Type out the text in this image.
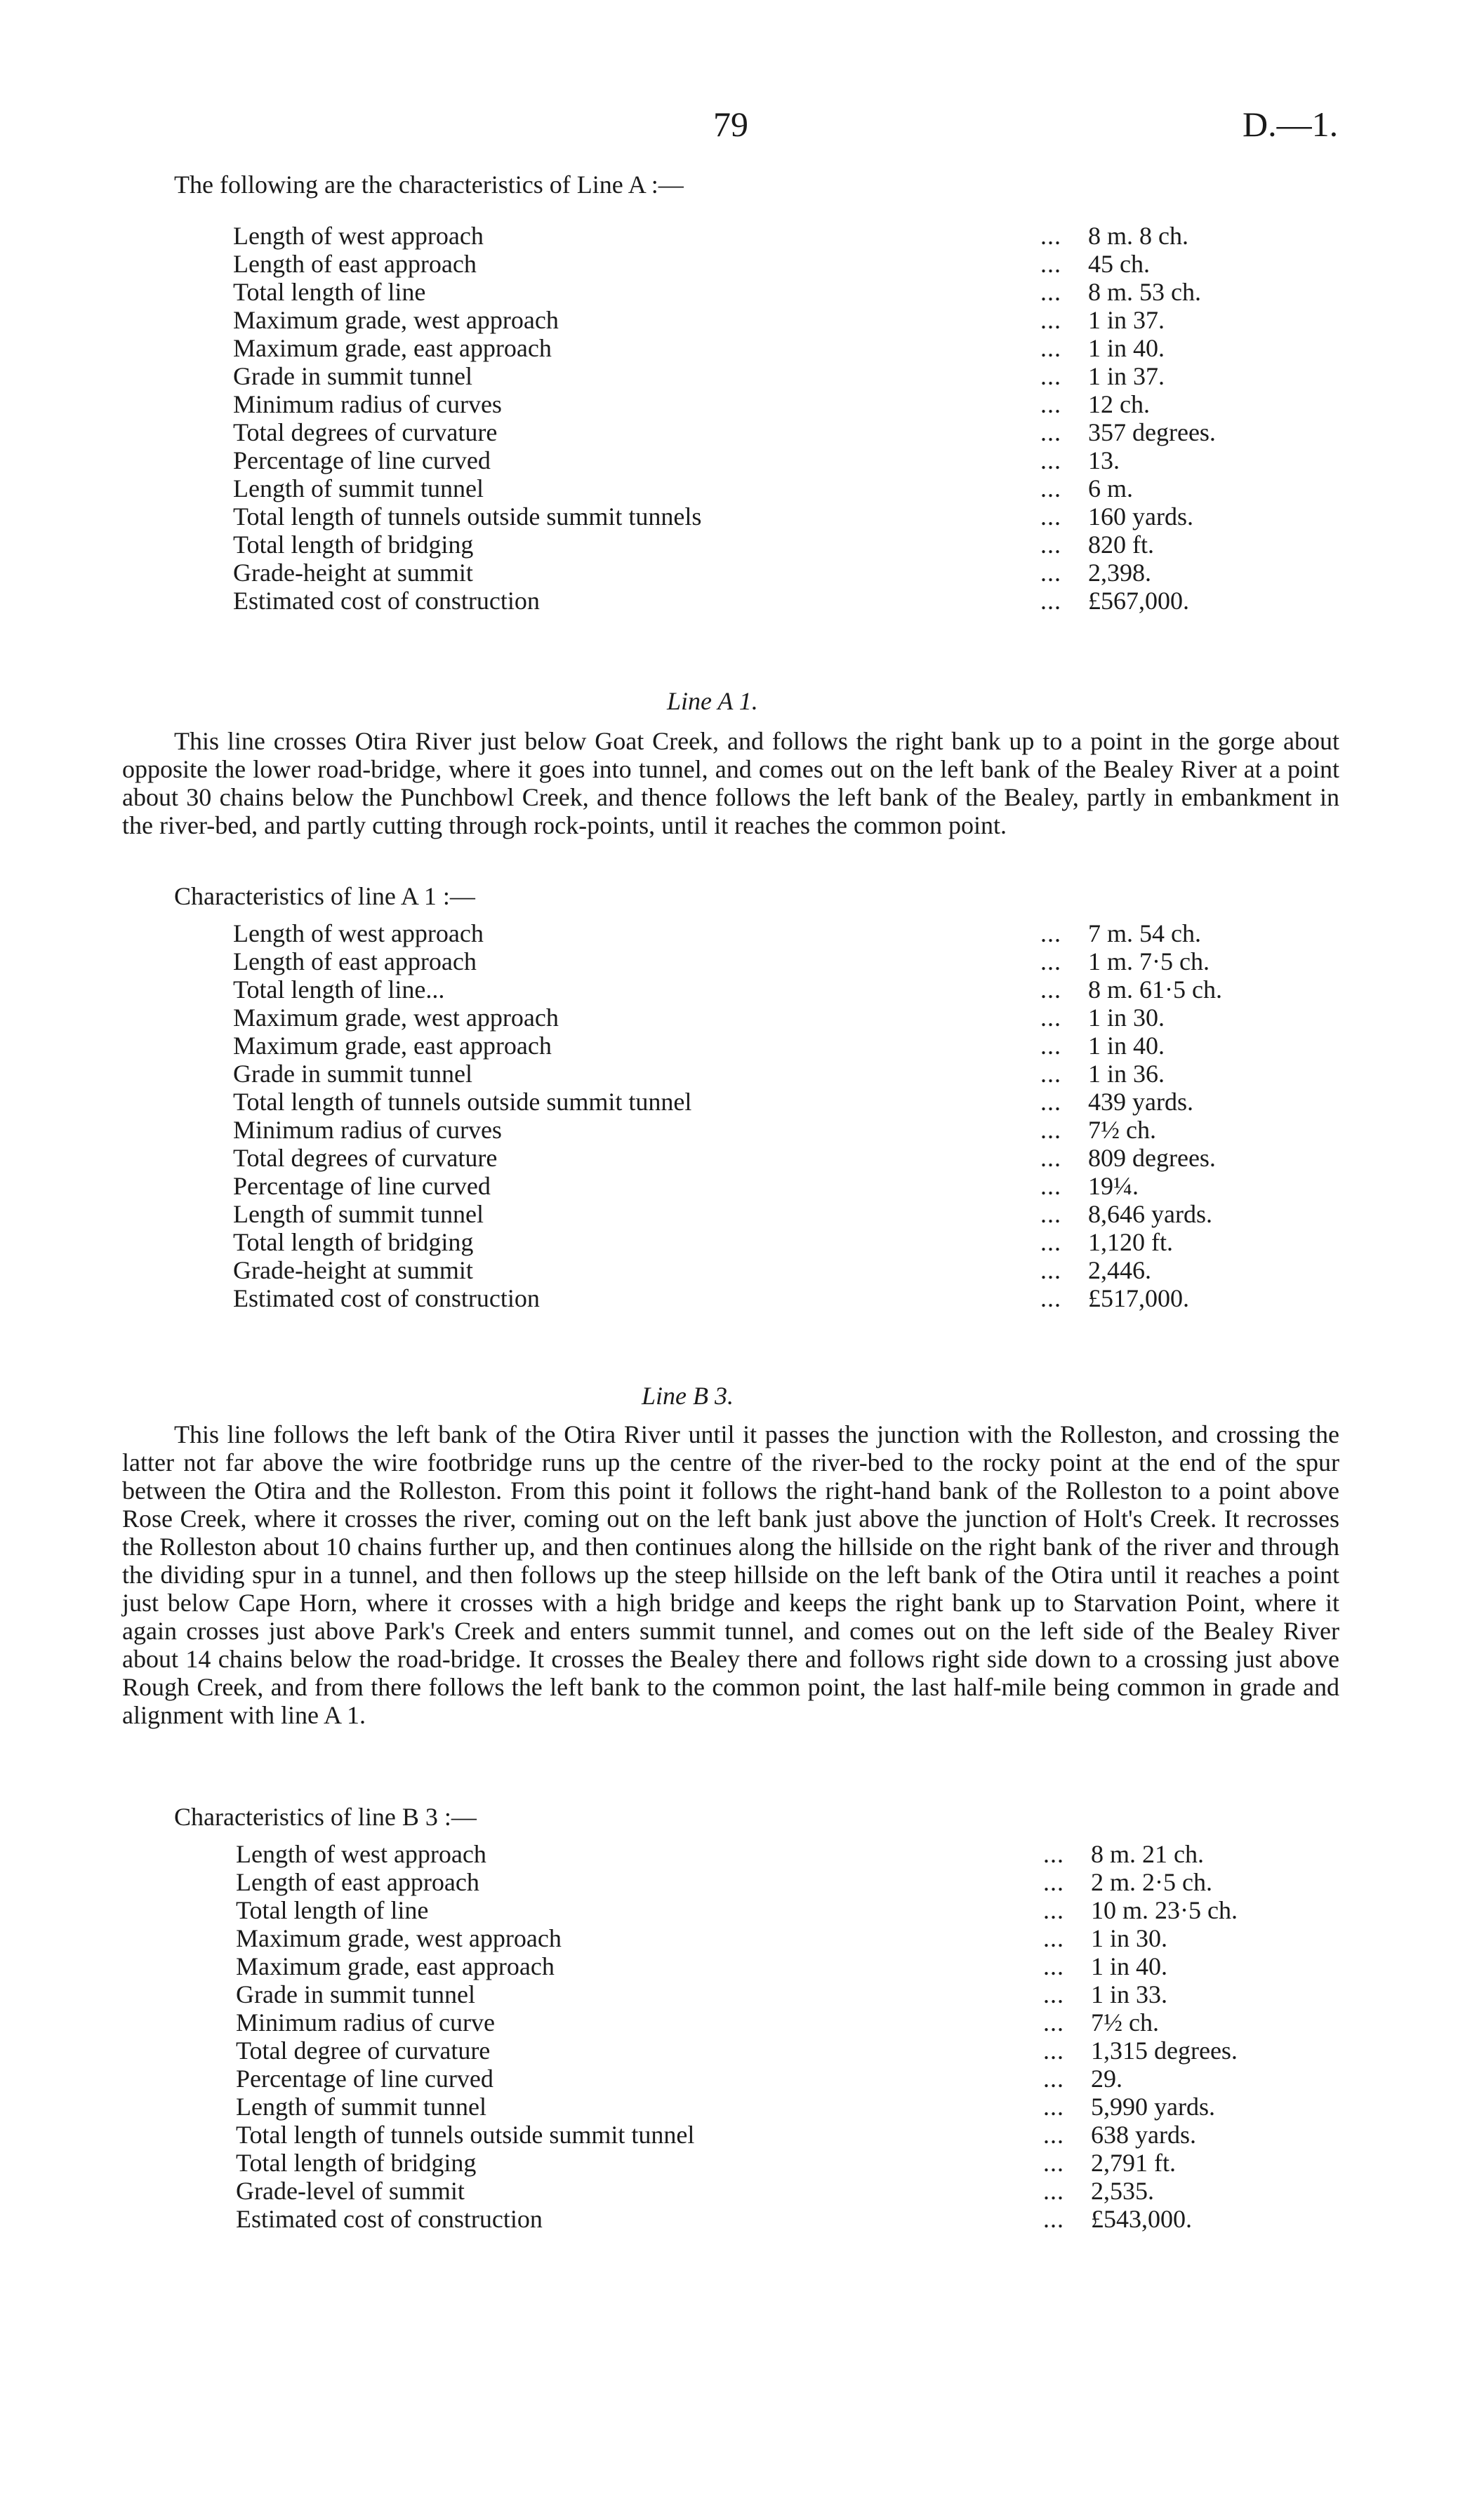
79	D.—1.
The following are the characteristics of Line A :—
Length of west approach	... 8 m. 8 ch.
Length of east approach	... 45 ch.
Total length of line	... 8 m. 53 ch.
Maximum grade, west approach	... 1 in 37.
Maximum grade, east approach	... 1 in 40.
Grade in summit tunnel	... 1 in 37.
Minimum radius of curves	... 12 ch.
Total degrees of curvature	... 357 degrees.
Percentage of line curved	... 13.
Length of summit tunnel	... 6 m.
Total length of tunnels outside summit tunnels	... 160 yards.
Total length of bridging	... 820 ft.
Grade-height at summit	... 2,398.
Estimated cost of construction	... £567,000.
Line A 1.

This line crosses Otira River just below Goat Creek, and follows the right bank up to a point in the gorge about opposite the lower road-bridge, where it goes into tunnel, and comes out on the left bank of the Bealey River at a point about 30 chains below the Punchbowl Creek, and thence follows the left bank of the Bealey, partly in embankment in the river-bed, and partly cutting through rock-points, until it reaches the common point.

Characteristics of line A 1 :—
Length of west approach	... 7 m. 54 ch.
Length of east approach	... 1 m. 7·5 ch.
Total length of line...	... 8 m. 61·5 ch.
Maximum grade, west approach	... 1 in 30.
Maximum grade, east approach	... 1 in 40.
Grade in summit tunnel	... 1 in 36.
Total length of tunnels outside summit tunnel	... 439 yards.
Minimum radius of curves	... 7½ ch.
Total degrees of curvature	... 809 degrees.
Percentage of line curved	... 19¼.
Length of summit tunnel	... 8,646 yards.
Total length of bridging	... 1,120 ft.
Grade-height at summit	... 2,446.
Estimated cost of construction	... £517,000.
Line B 3.

This line follows the left bank of the Otira River until it passes the junction with the Rolleston, and crossing the latter not far above the wire footbridge runs up the centre of the river-bed to the rocky point at the end of the spur between the Otira and the Rolleston. From this point it follows the right-hand bank of the Rolleston to a point above Rose Creek, where it crosses the river, coming out on the left bank just above the junction of Holt's Creek. It recrosses the Rolleston about 10 chains further up, and then continues along the hillside on the right bank of the river and through the dividing spur in a tunnel, and then follows up the steep hillside on the left bank of the Otira until it reaches a point just below Cape Horn, where it crosses with a high bridge and keeps the right bank up to Starvation Point, where it again crosses just above Park's Creek and enters summit tunnel, and comes out on the left side of the Bealey River about 14 chains below the road-bridge. It crosses the Bealey there and follows right side down to a crossing just above Rough Creek, and from there follows the left bank to the common point, the last half-mile being common in grade and alignment with line A 1.

Characteristics of line B 3 :—
Length of west approach	... 8 m. 21 ch.
Length of east approach	... 2 m. 2·5 ch.
Total length of line	... 10 m. 23·5 ch.
Maximum grade, west approach	... 1 in 30.
Maximum grade, east approach	... 1 in 40.
Grade in summit tunnel	... 1 in 33.
Minimum radius of curve	... 7½ ch.
Total degree of curvature	... 1,315 degrees.
Percentage of line curved	... 29.
Length of summit tunnel	... 5,990 yards.
Total length of tunnels outside summit tunnel	... 638 yards.
Total length of bridging	... 2,791 ft.
Grade-level of summit	... 2,535.
Estimated cost of construction	... £543,000.
